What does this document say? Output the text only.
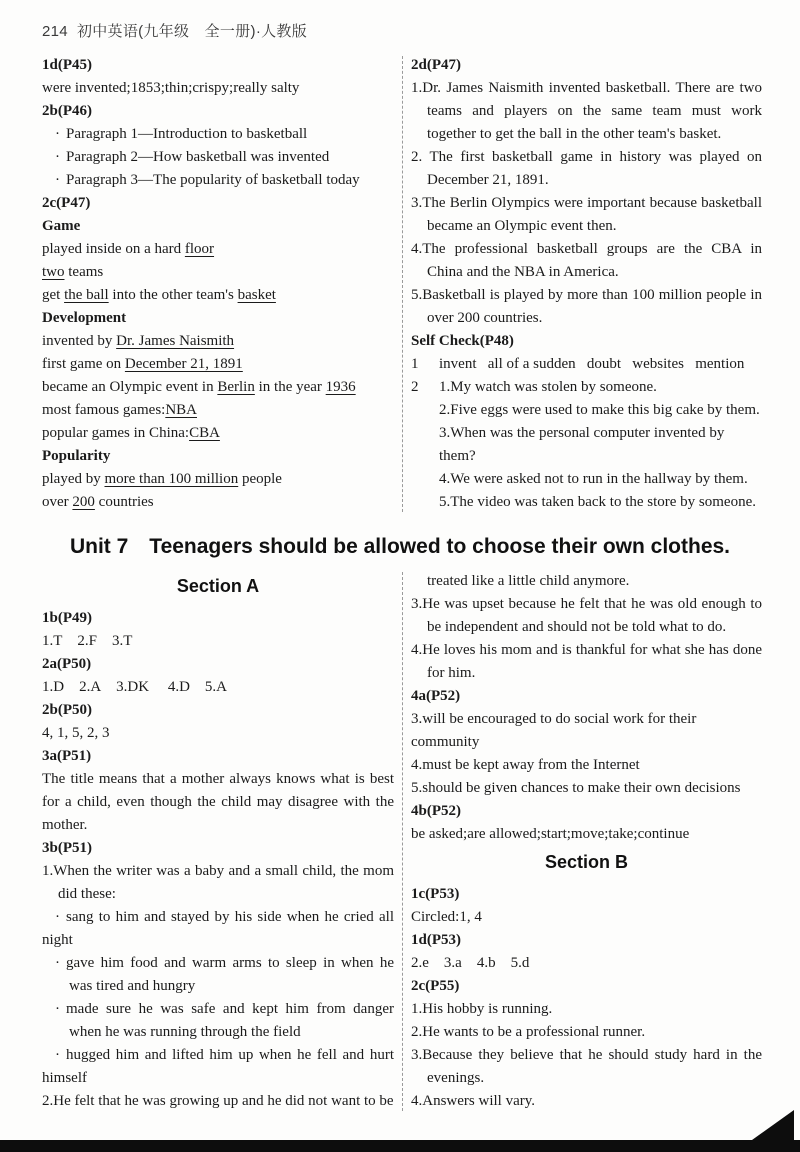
214 初中英语(九年级　全一册)·人教版
1d(P45)
were invented;1853;thin;crispy;really salty
2b(P46)
· Paragraph 1—Introduction to basketball
· Paragraph 2—How basketball was invented
· Paragraph 3—The popularity of basketball today
2c(P47)
Game
played inside on a hard floor
two teams
get the ball into the other team's basket
Development
invented by Dr. James Naismith
first game on December 21, 1891
became an Olympic event in Berlin in the year 1936
most famous games:NBA
popular games in China:CBA
Popularity
played by more than 100 million people
over 200 countries
2d(P47)
1.Dr. James Naismith invented basketball. There are two teams and players on the same team must work together to get the ball in the other team's basket.
2. The first basketball game in history was played on December 21, 1891.
3.The Berlin Olympics were important because basketball became an Olympic event then.
4.The professional basketball groups are the CBA in China and the NBA in America.
5.Basketball is played by more than 100 million people in over 200 countries.
Self Check(P48)
1	invent  all of a sudden  doubt  websites  mention
2	1.My watch was stolen by someone.
2.Five eggs were used to make this big cake by them.
3.When was the personal computer invented by them?
4.We were asked not to run in the hallway by them.
5.The video was taken back to the store by someone.
Unit 7　Teenagers should be allowed to choose their own clothes.
Section A
1b(P49)
1.T 2.F 3.T
2a(P50)
1.D 2.A 3.DK  4.D 5.A
2b(P50)
4, 1, 5, 2, 3
3a(P51)
The title means that a mother always knows what is best for a child, even though the child may disagree with the mother.
3b(P51)
1.When the writer was a baby and a small child, the mom did these:
· sang to him and stayed by his side when he cried all night
· gave him food and warm arms to sleep in when he was tired and hungry
· made sure he was safe and kept him from danger when he was running through the field
· hugged him and lifted him up when he fell and hurt himself
2.He felt that he was growing up and he did not want to be
treated like a little child anymore.
3.He was upset because he felt that he was old enough to be independent and should not be told what to do.
4.He loves his mom and is thankful for what she has done for him.
4a(P52)
3.will be encouraged to do social work for their community
4.must be kept away from the Internet
5.should be given chances to make their own decisions
4b(P52)
be asked;are allowed;start;move;take;continue
Section B
1c(P53)
Circled:1, 4
1d(P53)
2.e 3.a 4.b 5.d
2c(P55)
1.His hobby is running.
2.He wants to be a professional runner.
3.Because they believe that he should study hard in the evenings.
4.Answers will vary.
